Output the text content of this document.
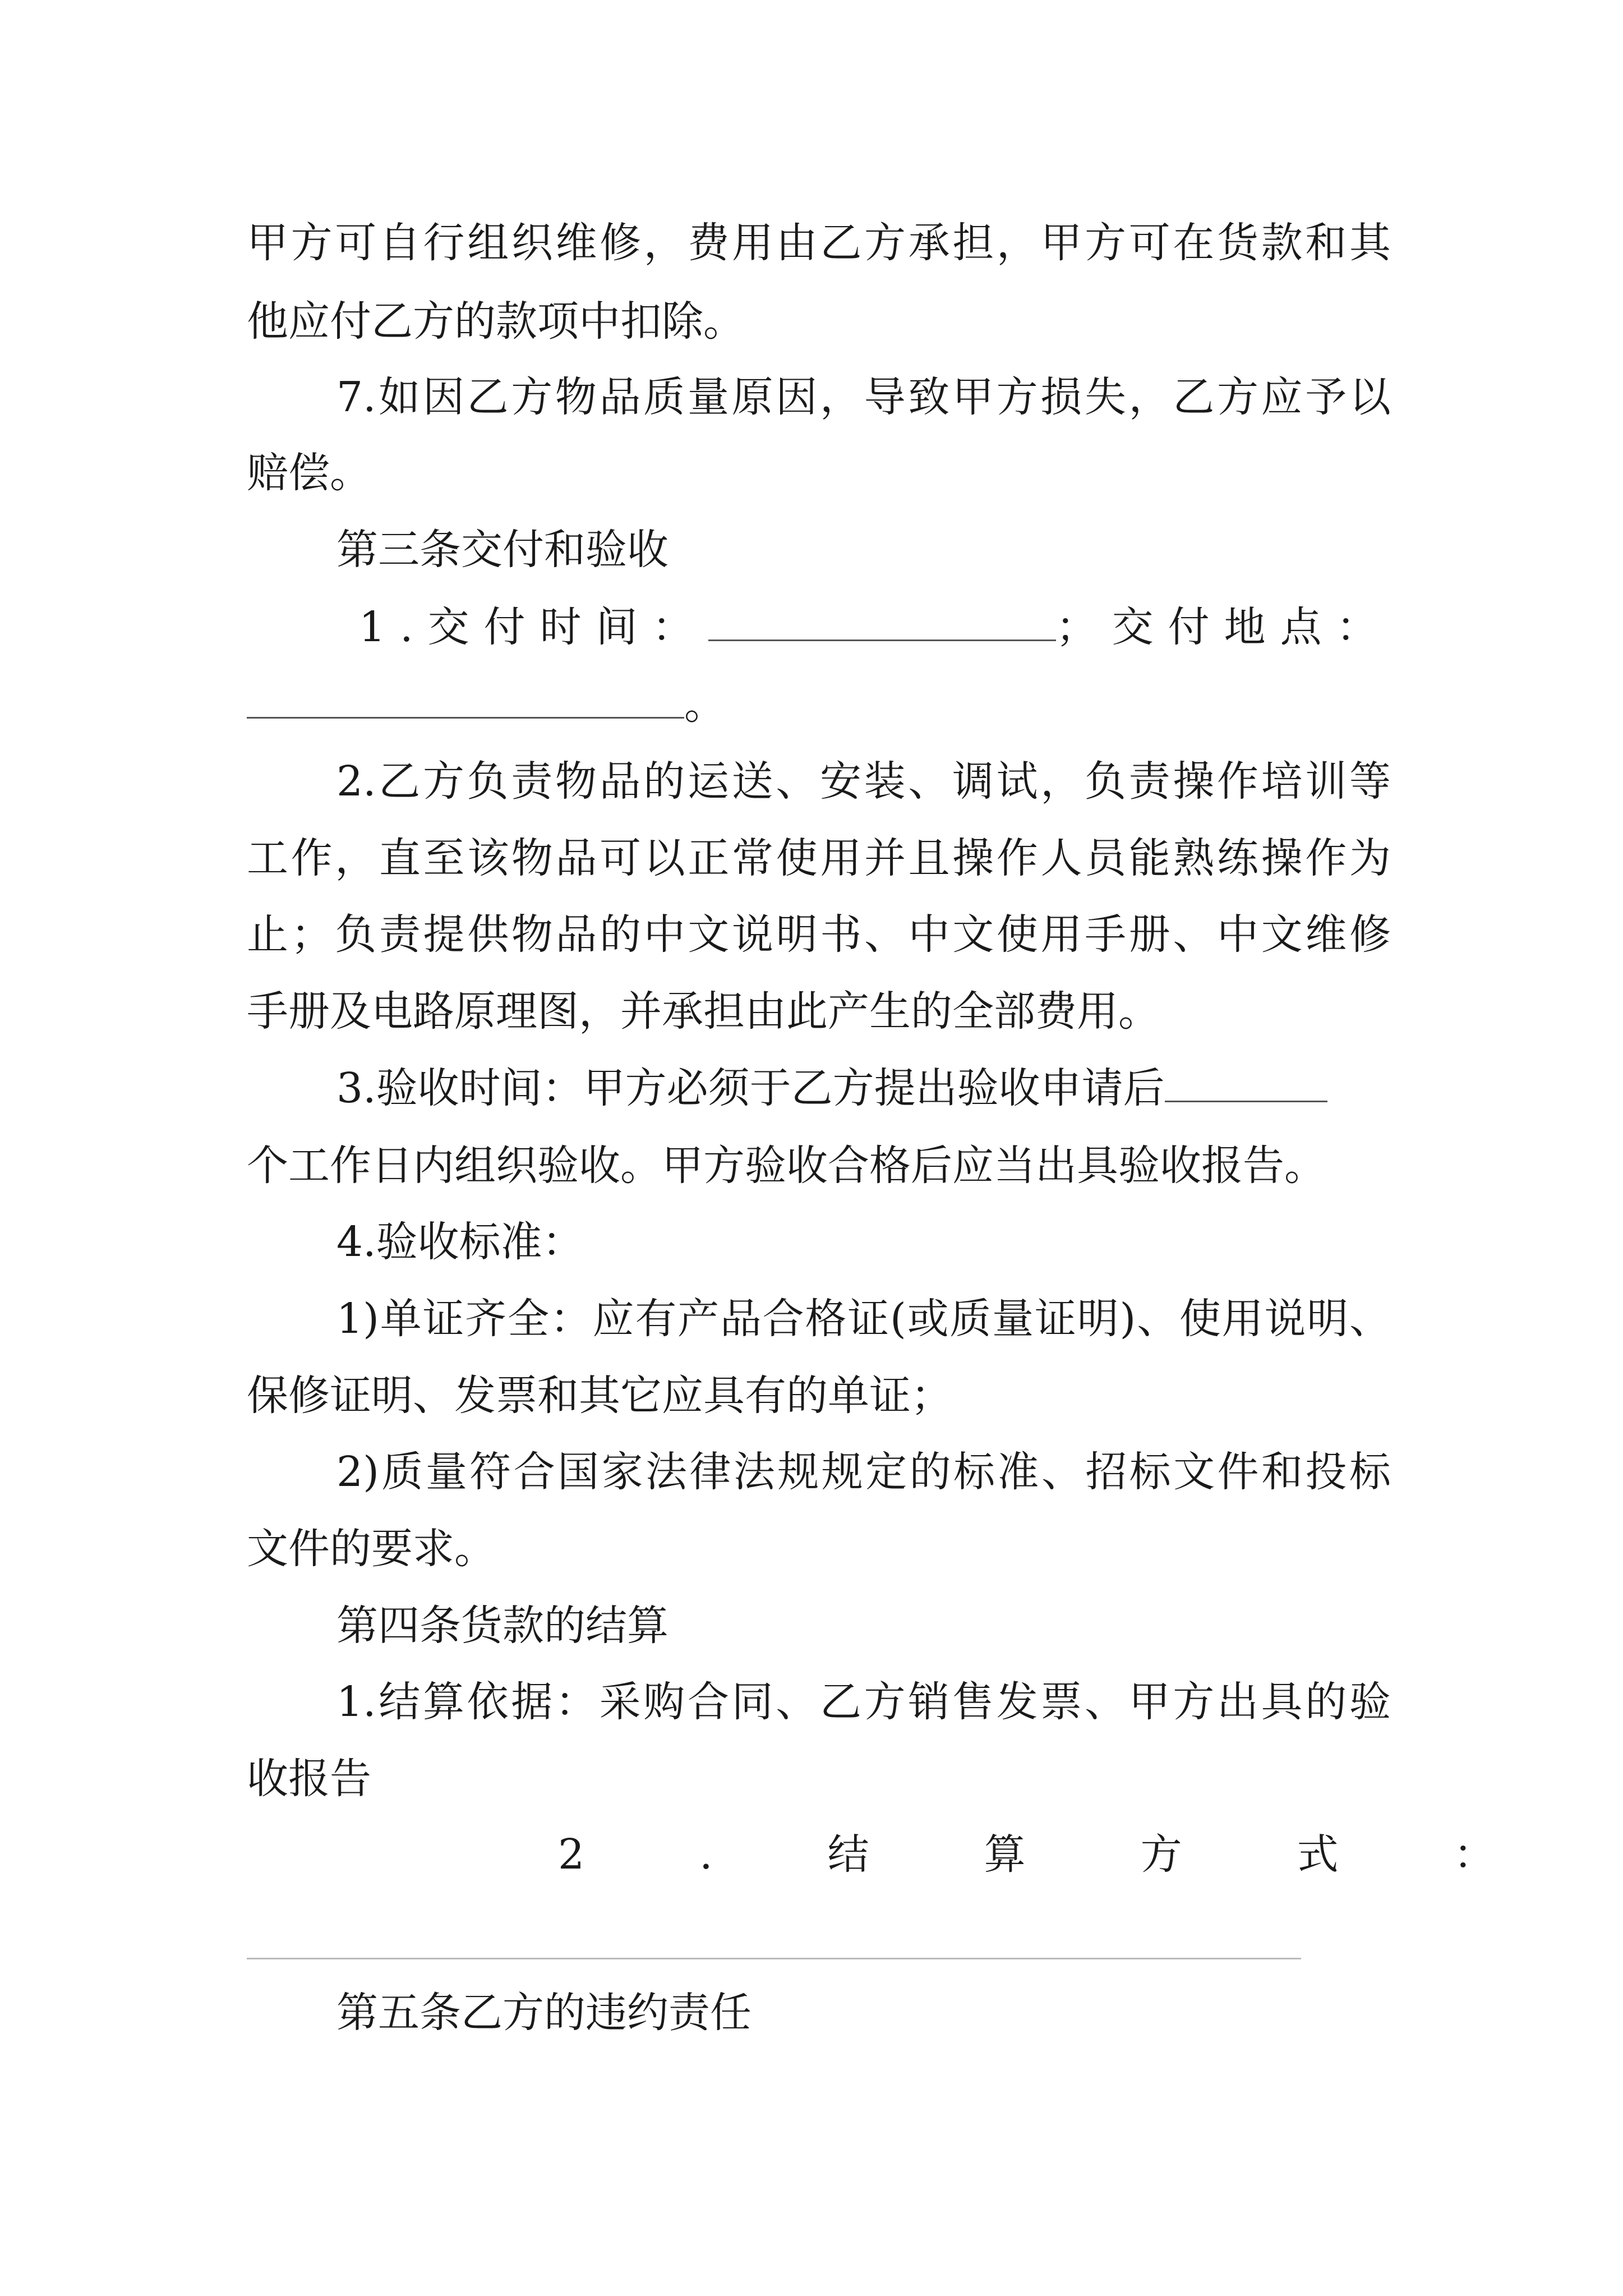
甲方可自行组织维修，费用由乙方承担，甲方可在货款和其
他应付乙方的款项中扣除。
7.如因乙方物品质量原因，导致甲方损失，乙方应予以
赔偿。
第三条交付和验收
1.交付时间：	；交付地点：
。
2.乙方负责物品的运送、安装、调试，负责操作培训等
工作，直至该物品可以正常使用并且操作人员能熟练操作为
止；负责提供物品的中文说明书、中文使用手册、中文维修
手册及电路原理图，并承担由此产生的全部费用。
3.验收时间：甲方必须于乙方提出验收申请后
个工作日内组织验收。甲方验收合格后应当出具验收报告。
4.验收标准：
1)单证齐全：应有产品合格证(或质量证明)、使用说明、
保修证明、发票和其它应具有的单证；
2)质量符合国家法律法规规定的标准、招标文件和投标
文件的要求。
第四条货款的结算
1.结算依据：采购合同、乙方销售发票、甲方出具的验
收报告
2.结算方式：
第五条乙方的违约责任
